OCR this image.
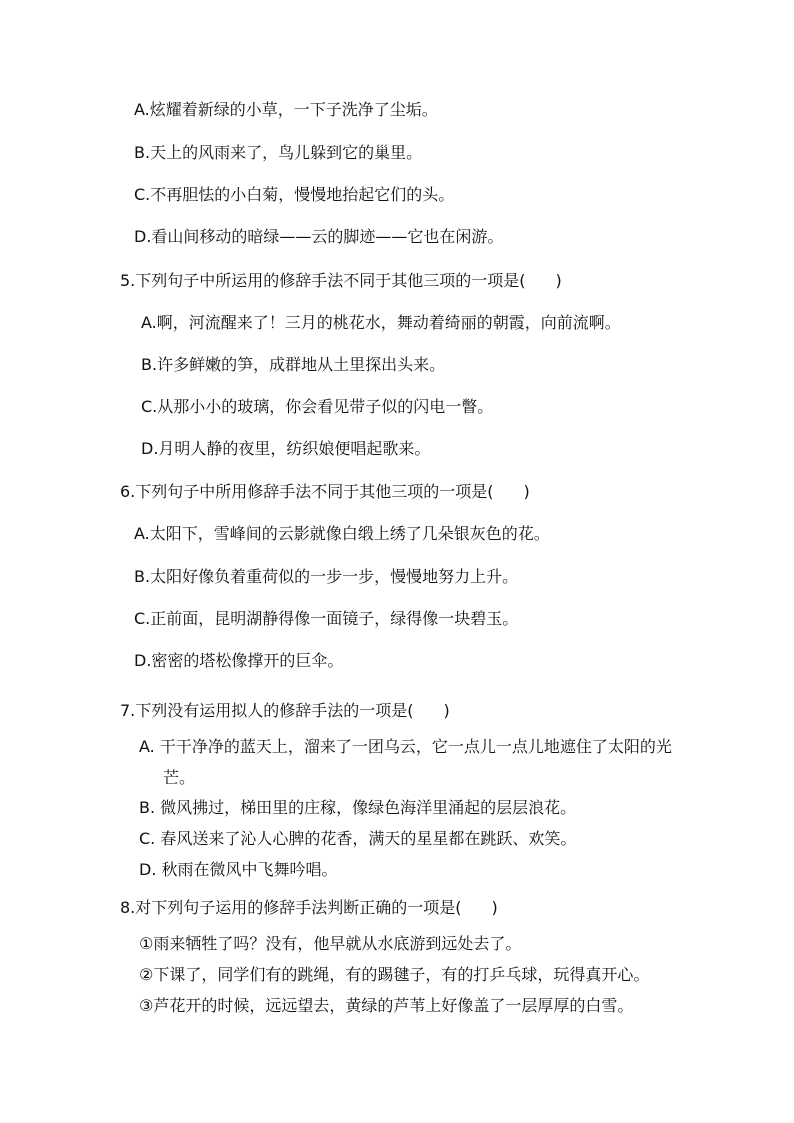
A.炫耀着新绿的小草，一下子洗净了尘垢。
B.天上的风雨来了，鸟儿躲到它的巢里。
C.不再胆怯的小白菊，慢慢地抬起它们的头。
D.看山间移动的暗绿——云的脚迹——它也在闲游。
5.下列句子中所运用的修辞手法不同于其他三项的一项是( )
A.啊，河流醒来了！三月的桃花水，舞动着绮丽的朝霞，向前流啊。
B.许多鲜嫩的笋，成群地从土里探出头来。
C.从那小小的玻璃，你会看见带子似的闪电一瞥。
D.月明人静的夜里，纺织娘便唱起歌来。
6.下列句子中所用修辞手法不同于其他三项的一项是( )
A.太阳下，雪峰间的云影就像白缎上绣了几朵银灰色的花。
B.太阳好像负着重荷似的一步一步，慢慢地努力上升。
C.正前面，昆明湖静得像一面镜子，绿得像一块碧玉。
D.密密的塔松像撑开的巨伞。
7.下列没有运用拟人的修辞手法的一项是( )
A. 干干净净的蓝天上，溜来了一团乌云，它一点儿一点儿地遮住了太阳的光
芒。
B. 微风拂过，梯田里的庄稼，像绿色海洋里涌起的层层浪花。
C. 春风送来了沁人心脾的花香，满天的星星都在跳跃、欢笑。
D. 秋雨在微风中飞舞吟唱。
8.对下列句子运用的修辞手法判断正确的一项是( )
①雨来牺牲了吗？没有，他早就从水底游到远处去了。
②下课了，同学们有的跳绳，有的踢毽子，有的打乒乓球，玩得真开心。
③芦花开的时候，远远望去，黄绿的芦苇上好像盖了一层厚厚的白雪。
